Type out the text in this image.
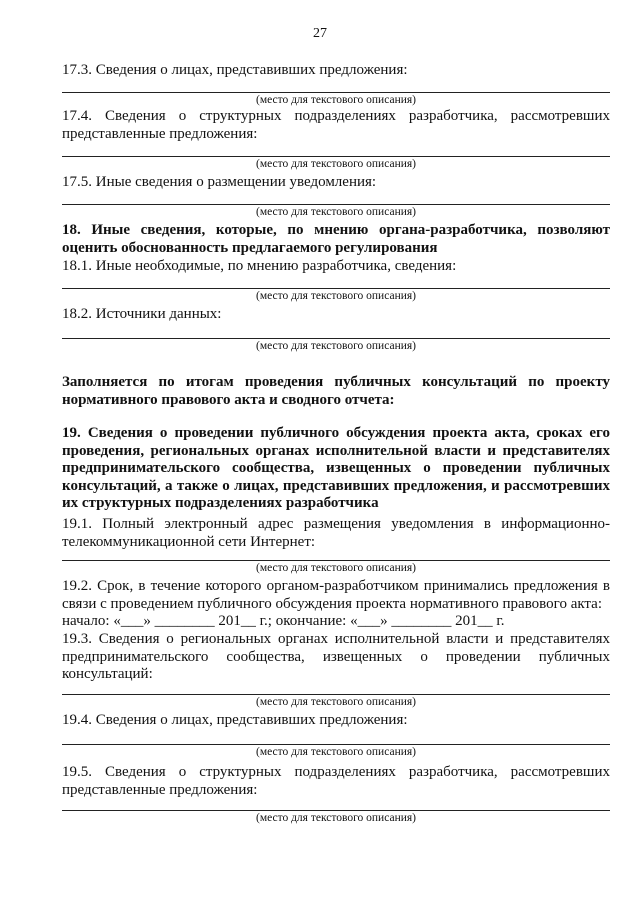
27
17.3. Сведения о лицах, представивших предложения:
(место для текстового описания)
17.4. Сведения о структурных подразделениях разработчика, рассмотревших представленные предложения:
(место для текстового описания)
17.5. Иные сведения о размещении уведомления:
(место для текстового описания)
18. Иные сведения, которые, по мнению органа-разработчика, позволяют оценить обоснованность предлагаемого регулирования
18.1. Иные необходимые, по мнению разработчика, сведения:
(место для текстового описания)
18.2. Источники данных:
(место для текстового описания)
Заполняется по итогам проведения публичных консультаций по проекту нормативного правового акта и сводного отчета:
19. Сведения о проведении публичного обсуждения проекта акта, сроках его проведения, региональных органах исполнительной власти и представителях предпринимательского сообщества, извещенных о проведении публичных консультаций, а также о лицах, представивших предложения, и рассмотревших их структурных подразделениях разработчика
19.1. Полный электронный адрес размещения уведомления в информационно-телекоммуникационной сети Интернет:
(место для текстового описания)
19.2. Срок, в течение которого органом-разработчиком принимались предложения в связи с проведением публичного обсуждения проекта нормативного правового акта:
начало: «___» ________ 201__ г.; окончание: «___» ________ 201__ г.
19.3. Сведения о региональных органах исполнительной власти и представителях предпринимательского сообщества, извещенных о проведении публичных консультаций:
(место для текстового описания)
19.4. Сведения о лицах, представивших предложения:
(место для текстового описания)
19.5. Сведения о структурных подразделениях разработчика, рассмотревших представленные предложения:
(место для текстового описания)
